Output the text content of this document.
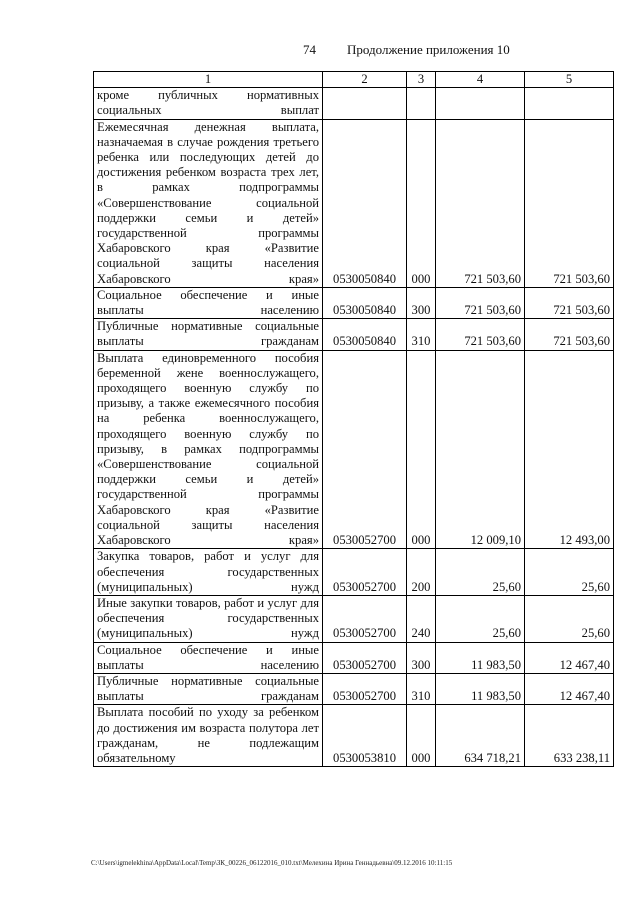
74 Продолжение приложения 10
1	2	3	4	5
кроме публичных нормативных социальных выплат				
Ежемесячная денежная выплата, назначаемая в случае рождения третьего ребенка или последующих детей до достижения ребенком возраста трех лет, в рамках подпрограммы «Совершенствование социальной поддержки семьи и детей» государственной программы Хабаровского края «Развитие социальной защиты населения Хабаровского края»	0530050840	000	721 503,60	721 503,60
Социальное обеспечение и иные выплаты населению	0530050840	300	721 503,60	721 503,60
Публичные нормативные социальные выплаты гражданам	0530050840	310	721 503,60	721 503,60
Выплата единовременного пособия беременной жене военнослужащего, проходящего военную службу по призыву, а также ежемесячного пособия на ребенка военнослужащего, проходящего военную службу по призыву, в рамках подпрограммы «Совершенствование социальной поддержки семьи и детей» государственной программы Хабаровского края «Развитие социальной защиты населения Хабаровского края»	0530052700	000	12 009,10	12 493,00
Закупка товаров, работ и услуг для обеспечения государственных (муниципальных) нужд	0530052700	200	25,60	25,60
Иные закупки товаров, работ и услуг для обеспечения государственных (муниципальных) нужд	0530052700	240	25,60	25,60
Социальное обеспечение и иные выплаты населению	0530052700	300	11 983,50	12 467,40
Публичные нормативные социальные выплаты гражданам	0530052700	310	11 983,50	12 467,40
Выплата пособий по уходу за ребенком до достижения им возраста полутора лет гражданам, не подлежащим обязательному	0530053810	000	634 718,21	633 238,11
C:\Users\igmelekhina\AppData\Local\Temp\ЗК_00226_06122016_010.txt\Мелехина Ирина Геннадьевна\09.12.2016 10:11:15
